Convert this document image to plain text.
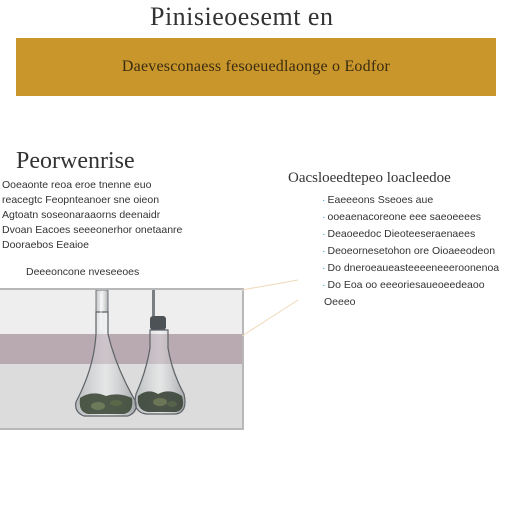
Pinisieoesemt en
Daevesconaess fesoeuedlaonge o Eodfor
Peorwenrise
Ooeaonte reoa eroe tnenne euo
reacegtc Feopnteanoer sne oieon
Agtoatn soseonaraaorns deenaidr
Dvoan Eacoes seeeonerhor onetaanre
Dooraebos Eeaioe
Deeeoncone nveseeoes
Oacsloeedtepeo loacleedoe
· Eaeeeons Sseoes aue
· ooeaenacoreone eee saeoeeees
· Deaoeedoc Dieoteeseraenaees
· Deoeornesetohon ore Oioaeeodeon
· Do dneroeaueasteeeeneeeroonenoa
· Do Eoa oo eeeoriesaueoeedeaoo
Oeeeo
